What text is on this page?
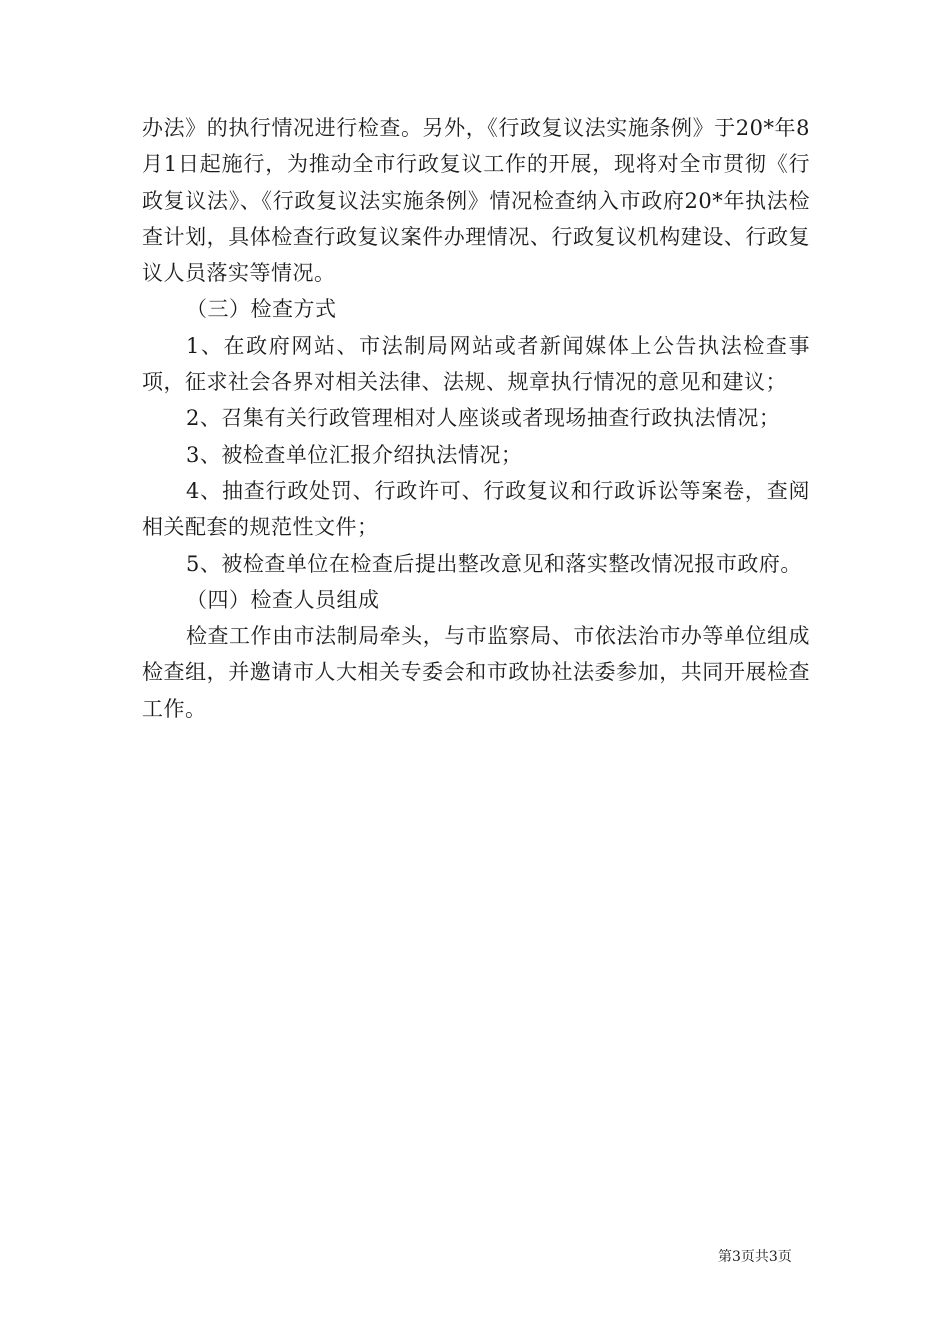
办法》的执行情况进行检查。另外，《行政复议法实施条例》于20*年8月1日起施行，为推动全市行政复议工作的开展，现将对全市贯彻《行政复议法》、《行政复议法实施条例》情况检查纳入市政府20*年执法检查计划，具体检查行政复议案件办理情况、行政复议机构建设、行政复议人员落实等情况。

（三）检查方式

1、在政府网站、市法制局网站或者新闻媒体上公告执法检查事项，征求社会各界对相关法律、法规、规章执行情况的意见和建议；

2、召集有关行政管理相对人座谈或者现场抽查行政执法情况；

3、被检查单位汇报介绍执法情况；

4、抽查行政处罚、行政许可、行政复议和行政诉讼等案卷，查阅相关配套的规范性文件；

5、被检查单位在检查后提出整改意见和落实整改情况报市政府。

（四）检查人员组成

检查工作由市法制局牵头，与市监察局、市依法治市办等单位组成检查组，并邀请市人大相关专委会和市政协社法委参加，共同开展检查工作。

第3页共3页
